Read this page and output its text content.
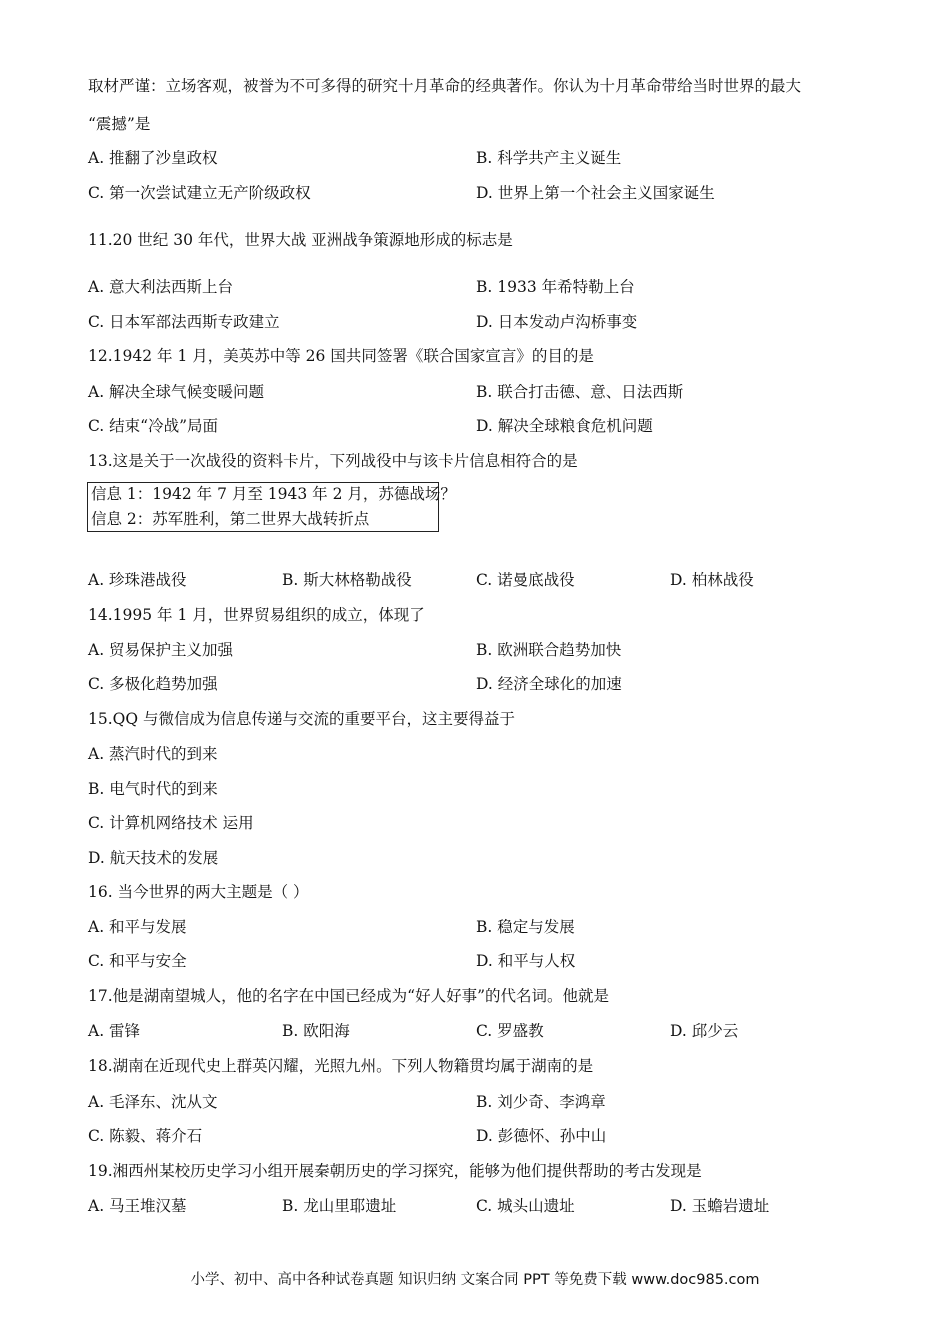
取材严谨：立场客观，被誉为不可多得的研究十月革命的经典著作。你认为十月革命带给当时世界的最大
“震撼”是
A. 推翻了沙皇政权	B. 科学共产主义诞生
C. 第一次尝试建立无产阶级政权	D. 世界上第一个社会主义国家诞生
11.20 世纪 30 年代，世界大战 亚洲战争策源地形成的标志是
A. 意大利法西斯上台	B. 1933 年希特勒上台
C. 日本军部法西斯专政建立	D. 日本发动卢沟桥事变
12.1942 年 1 月，美英苏中等 26 国共同签署《联合国家宣言》的目的是
A. 解决全球气候变暖问题	B. 联合打击德、意、日法西斯
C. 结束“冷战”局面	D. 解决全球粮食危机问题
13.这是关于一次战役的资料卡片，下列战役中与该卡片信息相符合的是
信息 1：1942 年 7 月至 1943 年 2 月，苏德战场？
信息 2：苏军胜利，第二世界大战转折点
A. 珍珠港战役	B. 斯大林格勒战役	C. 诺曼底战役	D. 柏林战役
14.1995 年 1 月，世界贸易组织的成立，体现了
A. 贸易保护主义加强	B. 欧洲联合趋势加快
C. 多极化趋势加强	D. 经济全球化的加速
15.QQ 与微信成为信息传递与交流的重要平台，这主要得益于
A. 蒸汽时代的到来
B. 电气时代的到来
C. 计算机网络技术 运用
D. 航天技术的发展
16. 当今世界的两大主题是（ ）
A. 和平与发展	B. 稳定与发展
C. 和平与安全	D. 和平与人权
17.他是湖南望城人，他的名字在中国已经成为“好人好事”的代名词。他就是
A. 雷锋	B. 欧阳海	C. 罗盛教	D. 邱少云
18.湖南在近现代史上群英闪耀，光照九州。下列人物籍贯均属于湖南的是
A. 毛泽东、沈从文	B. 刘少奇、李鸿章
C. 陈毅、蒋介石	D. 彭德怀、孙中山
19.湘西州某校历史学习小组开展秦朝历史的学习探究，能够为他们提供帮助的考古发现是
A. 马王堆汉墓	B. 龙山里耶遗址	C. 城头山遗址	D. 玉蟾岩遗址
小学、初中、高中各种试卷真题 知识归纳 文案合同 PPT 等免费下载 www.doc985.com
